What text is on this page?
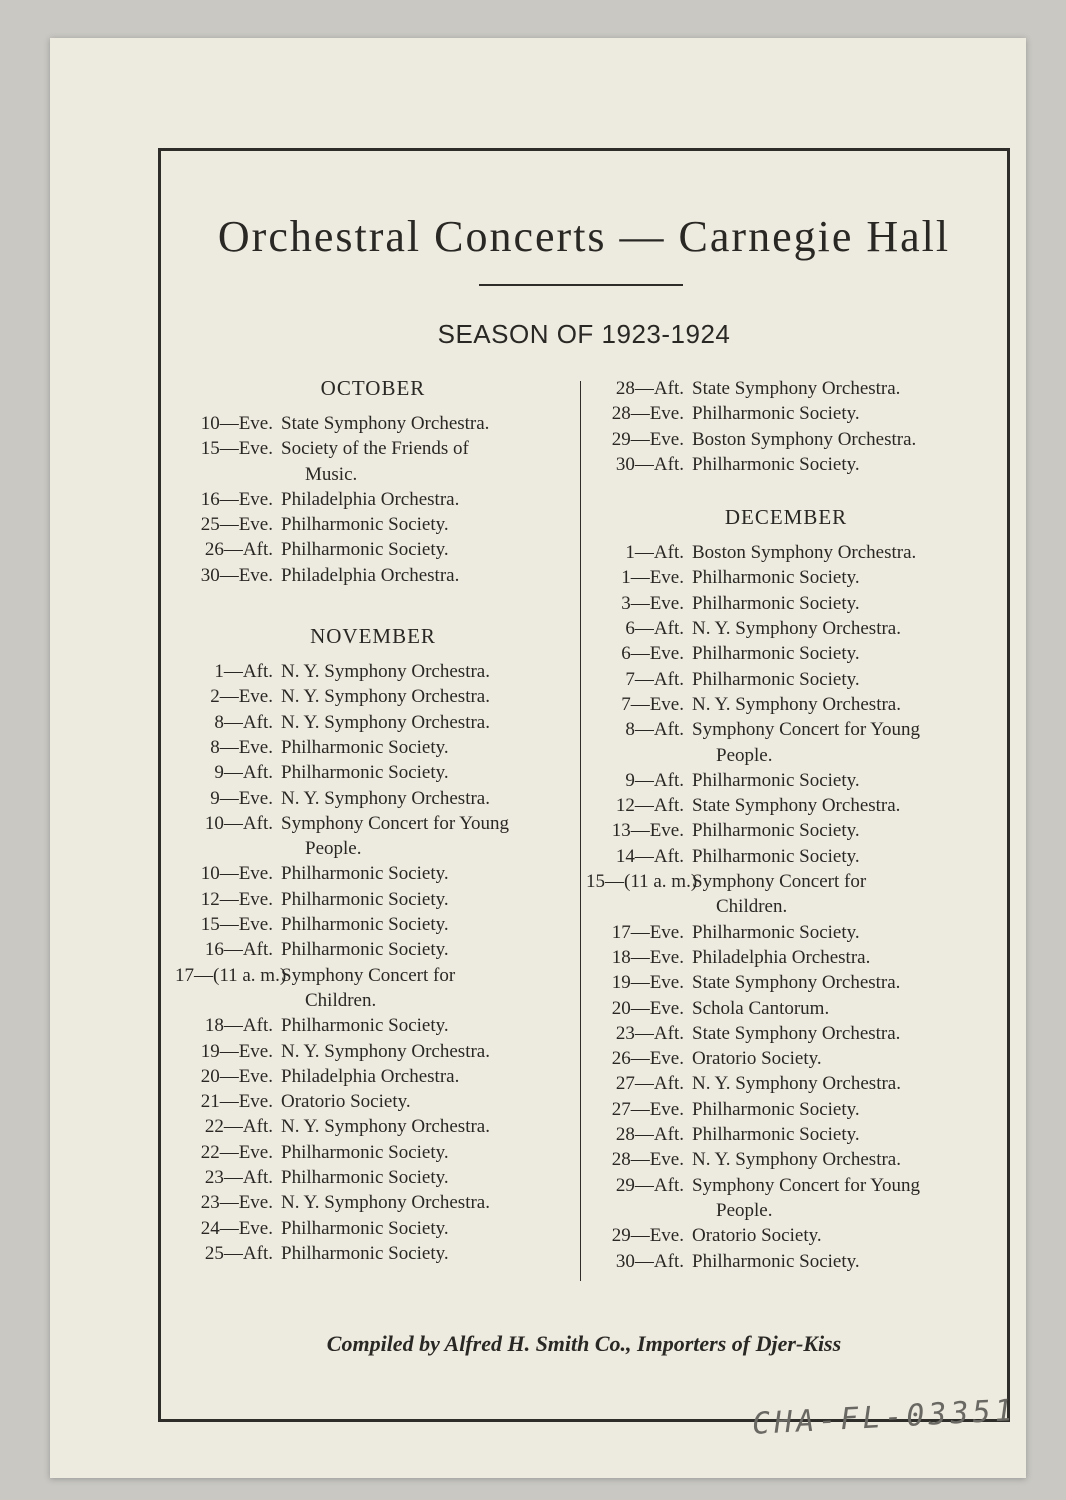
Orchestral Concerts — Carnegie Hall
SEASON OF 1923-1924
OCTOBER
10—Eve. State Symphony Orchestra.
15—Eve. Society of the Friends of
Music.
16—Eve. Philadelphia Orchestra.
25—Eve. Philharmonic Society.
26—Aft. Philharmonic Society.
30—Eve. Philadelphia Orchestra.
NOVEMBER
1—Aft. N. Y. Symphony Orchestra.
2—Eve. N. Y. Symphony Orchestra.
8—Aft. N. Y. Symphony Orchestra.
8—Eve. Philharmonic Society.
9—Aft. Philharmonic Society.
9—Eve. N. Y. Symphony Orchestra.
10—Aft. Symphony Concert for Young
People.
10—Eve. Philharmonic Society.
12—Eve. Philharmonic Society.
15—Eve. Philharmonic Society.
16—Aft. Philharmonic Society.
17—(11 a. m.)
Symphony Concert for
Children.
18—Aft. Philharmonic Society.
19—Eve. N. Y. Symphony Orchestra.
20—Eve. Philadelphia Orchestra.
21—Eve. Oratorio Society.
22—Aft. N. Y. Symphony Orchestra.
22—Eve. Philharmonic Society.
23—Aft. Philharmonic Society.
23—Eve. N. Y. Symphony Orchestra.
24—Eve. Philharmonic Society.
25—Aft. Philharmonic Society.
28—Aft. State Symphony Orchestra.
28—Eve. Philharmonic Society.
29—Eve. Boston Symphony Orchestra.
30—Aft. Philharmonic Society.
DECEMBER
1—Aft. Boston Symphony Orchestra.
1—Eve. Philharmonic Society.
3—Eve. Philharmonic Society.
6—Aft. N. Y. Symphony Orchestra.
6—Eve. Philharmonic Society.
7—Aft. Philharmonic Society.
7—Eve. N. Y. Symphony Orchestra.
8—Aft. Symphony Concert for Young
People.
9—Aft. Philharmonic Society.
12—Aft. State Symphony Orchestra.
13—Eve. Philharmonic Society.
14—Aft. Philharmonic Society.
15—(11 a. m.)
Symphony Concert for
Children.
17—Eve. Philharmonic Society.
18—Eve. Philadelphia Orchestra.
19—Eve. State Symphony Orchestra.
20—Eve. Schola Cantorum.
23—Aft. State Symphony Orchestra.
26—Eve. Oratorio Society.
27—Aft. N. Y. Symphony Orchestra.
27—Eve. Philharmonic Society.
28—Aft. Philharmonic Society.
28—Eve. N. Y. Symphony Orchestra.
29—Aft. Symphony Concert for Young
People.
29—Eve. Oratorio Society.
30—Aft. Philharmonic Society.
Compiled by Alfred H. Smith Co., Importers of Djer-Kiss
CHA-FL-03351
